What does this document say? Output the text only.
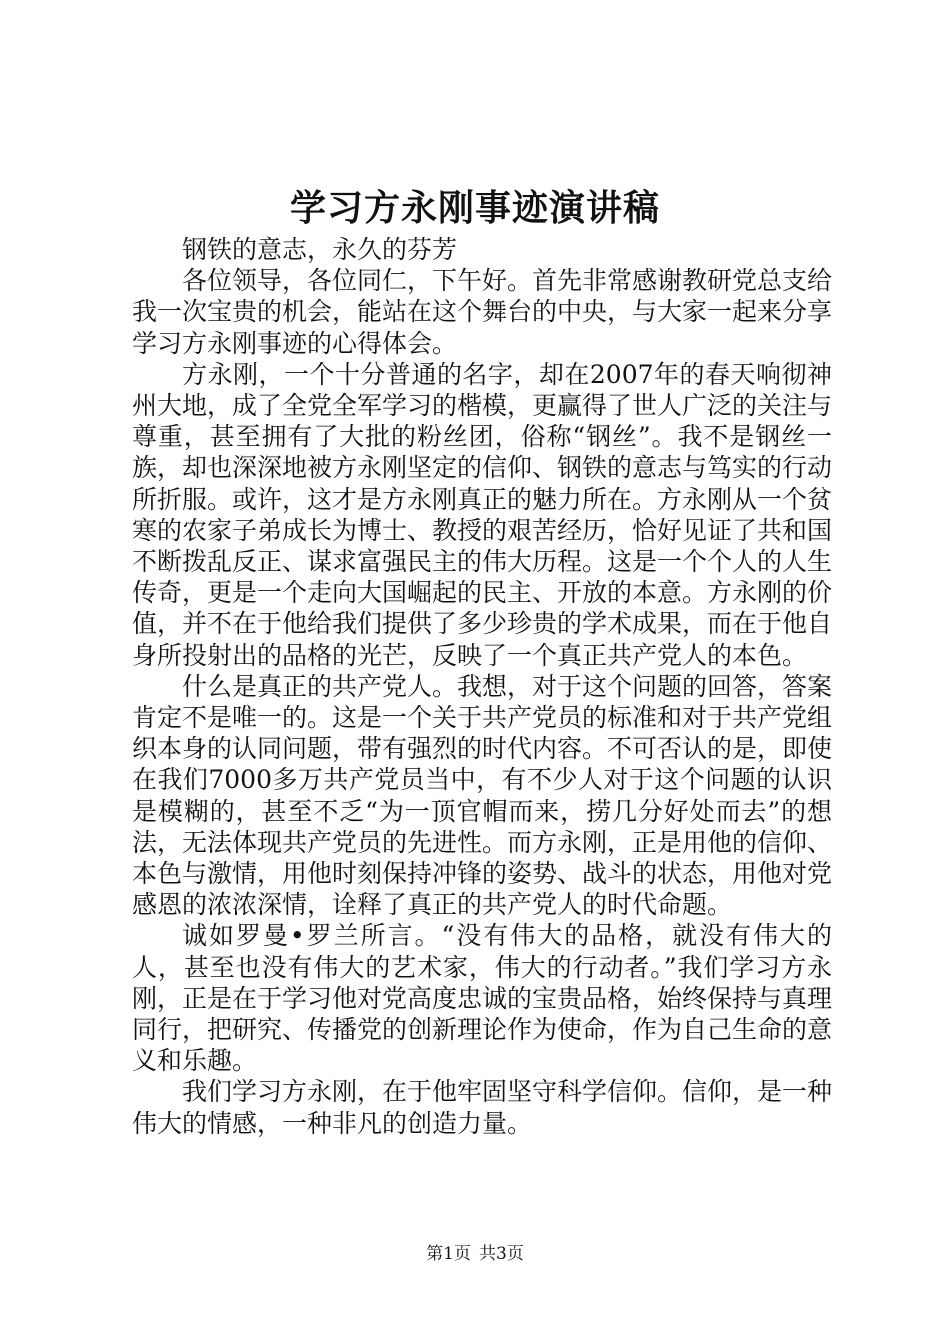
学习方永刚事迹演讲稿

钢铁的意志，永久的芬芳

各位领导，各位同仁，下午好。首先非常感谢教研党总支给我一次宝贵的机会，能站在这个舞台的中央，与大家一起来分享学习方永刚事迹的心得体会。

方永刚，一个十分普通的名字，却在2007年的春天响彻神州大地，成了全党全军学习的楷模，更赢得了世人广泛的关注与尊重，甚至拥有了大批的粉丝团，俗称“钢丝”。我不是钢丝一族，却也深深地被方永刚坚定的信仰、钢铁的意志与笃实的行动所折服。或许，这才是方永刚真正的魅力所在。方永刚从一个贫寒的农家子弟成长为博士、教授的艰苦经历，恰好见证了共和国不断拨乱反正、谋求富强民主的伟大历程。这是一个个人的人生传奇，更是一个走向大国崛起的民主、开放的本意。方永刚的价值，并不在于他给我们提供了多少珍贵的学术成果，而在于他自身所投射出的品格的光芒，反映了一个真正共产党人的本色。

什么是真正的共产党人。我想，对于这个问题的回答，答案肯定不是唯一的。这是一个关于共产党员的标准和对于共产党组织本身的认同问题，带有强烈的时代内容。不可否认的是，即使在我们7000多万共产党员当中，有不少人对于这个问题的认识是模糊的，甚至不乏“为一顶官帽而来，捞几分好处而去”的想法，无法体现共产党员的先进性。而方永刚，正是用他的信仰、本色与激情，用他时刻保持冲锋的姿势、战斗的状态，用他对党感恩的浓浓深情，诠释了真正的共产党人的时代命题。

诚如罗曼•罗兰所言。“没有伟大的品格，就没有伟大的人，甚至也没有伟大的艺术家，伟大的行动者。”我们学习方永刚，正是在于学习他对党高度忠诚的宝贵品格，始终保持与真理同行，把研究、传播党的创新理论作为使命，作为自己生命的意义和乐趣。

我们学习方永刚，在于他牢固坚守科学信仰。信仰，是一种伟大的情感，一种非凡的创造力量。

第1页 共3页
